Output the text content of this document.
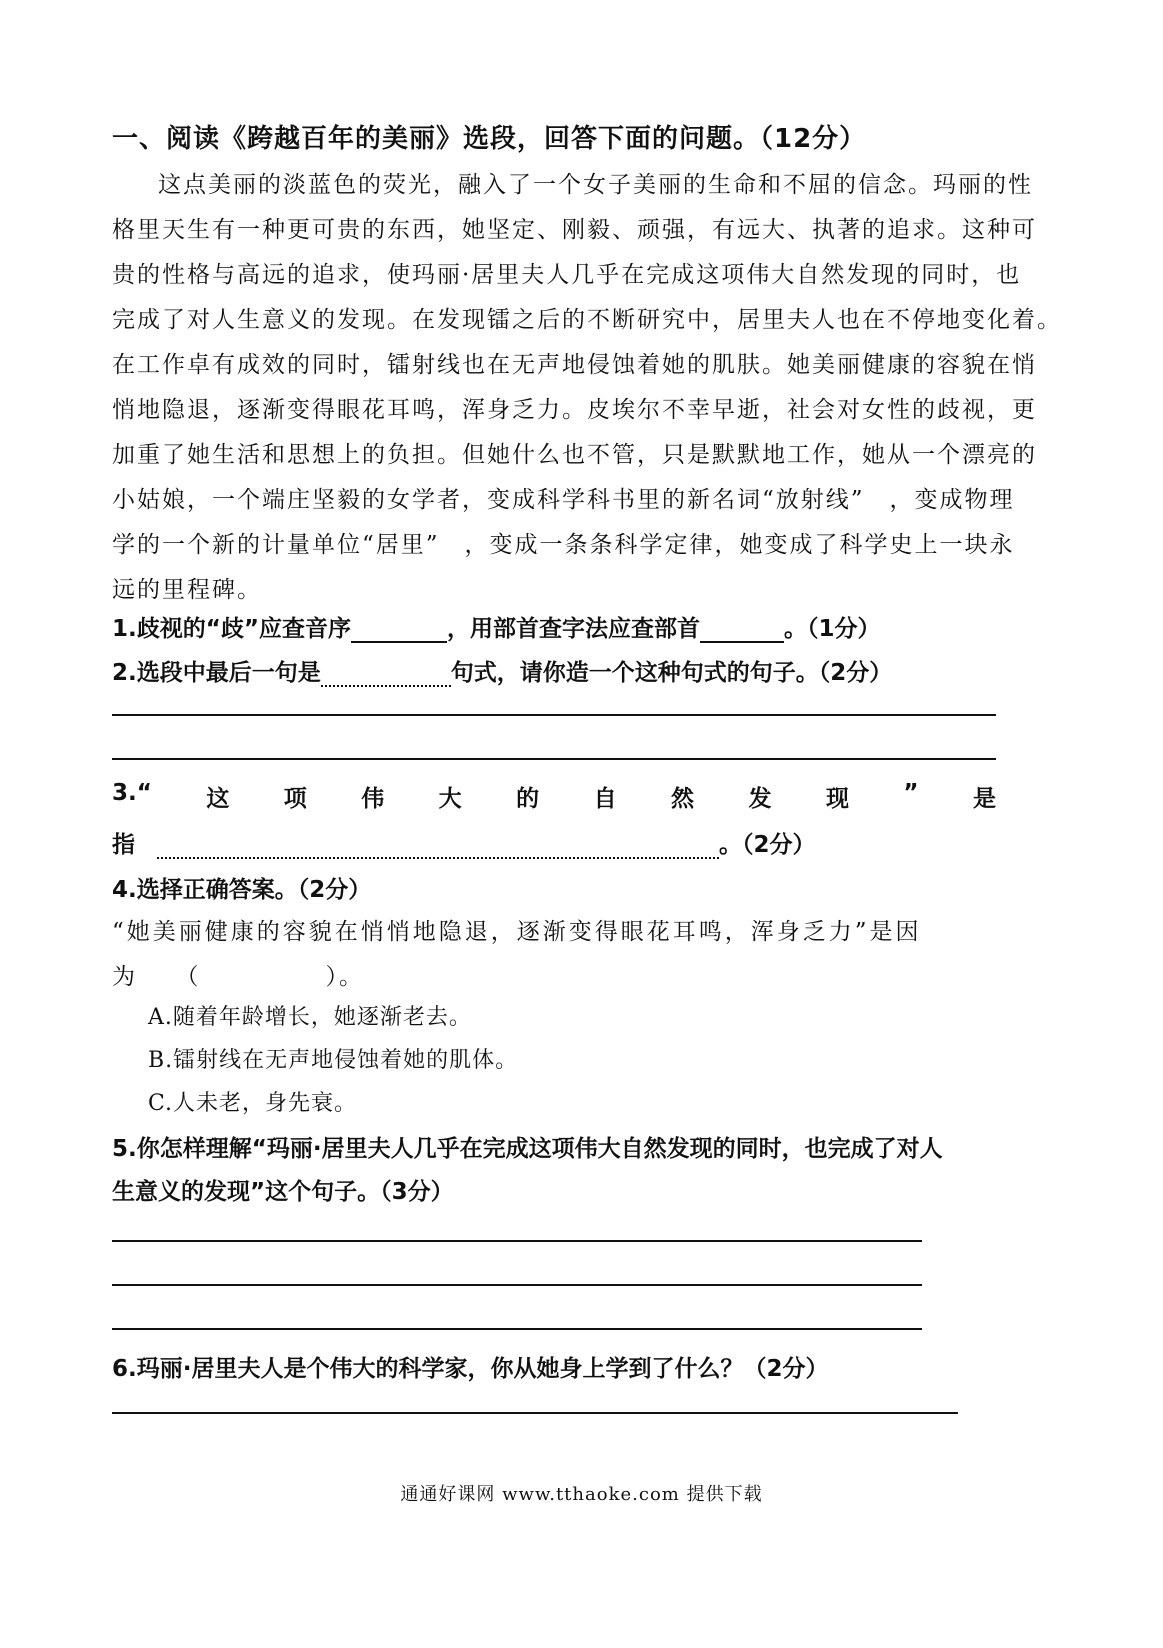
一、阅读《跨越百年的美丽》选段，回答下面的问题。（12分）
这点美丽的淡蓝色的荧光，融入了一个女子美丽的生命和不屈的信念。玛丽的性
格里天生有一种更可贵的东西，她坚定、刚毅、顽强，有远大、执著的追求。这种可
贵的性格与高远的追求，使玛丽·居里夫人几乎在完成这项伟大自然发现的同时，也
完成了对人生意义的发现。在发现镭之后的不断研究中，居里夫人也在不停地变化着。
在工作卓有成效的同时，镭射线也在无声地侵蚀着她的肌肤。她美丽健康的容貌在悄
悄地隐退，逐渐变得眼花耳鸣，浑身乏力。皮埃尔不幸早逝，社会对女性的歧视，更
加重了她生活和思想上的负担。但她什么也不管，只是默默地工作，她从一个漂亮的
小姑娘，一个端庄坚毅的女学者，变成科学科书里的新名词“放射线”　，变成物理
学的一个新的计量单位“居里”　，变成一条条科学定律，她变成了科学史上一块永
远的里程碑。
1.歧视的“歧”应查音序	，用部首查字法应查部首	。（1分）
2.选段中最后一句是	句式，请你造一个这种句式的句子。（2分）
3.“ 这 项 伟 大 的 自 然 发 现 ” 是
指	。（2分）
4.选择正确答案。（2分）
“她美丽健康的容貌在悄悄地隐退，逐渐变得眼花耳鸣，浑身乏力”是因
为　　（　　　　　）。
A.随着年龄增长，她逐渐老去。
B.镭射线在无声地侵蚀着她的肌体。
C.人未老，身先衰。
5.你怎样理解“玛丽·居里夫人几乎在完成这项伟大自然发现的同时，也完成了对人
生意义的发现”这个句子。（3分）
6.玛丽·居里夫人是个伟大的科学家，你从她身上学到了什么？（2分）
通通好课网 www.tthaoke.com 提供下载
